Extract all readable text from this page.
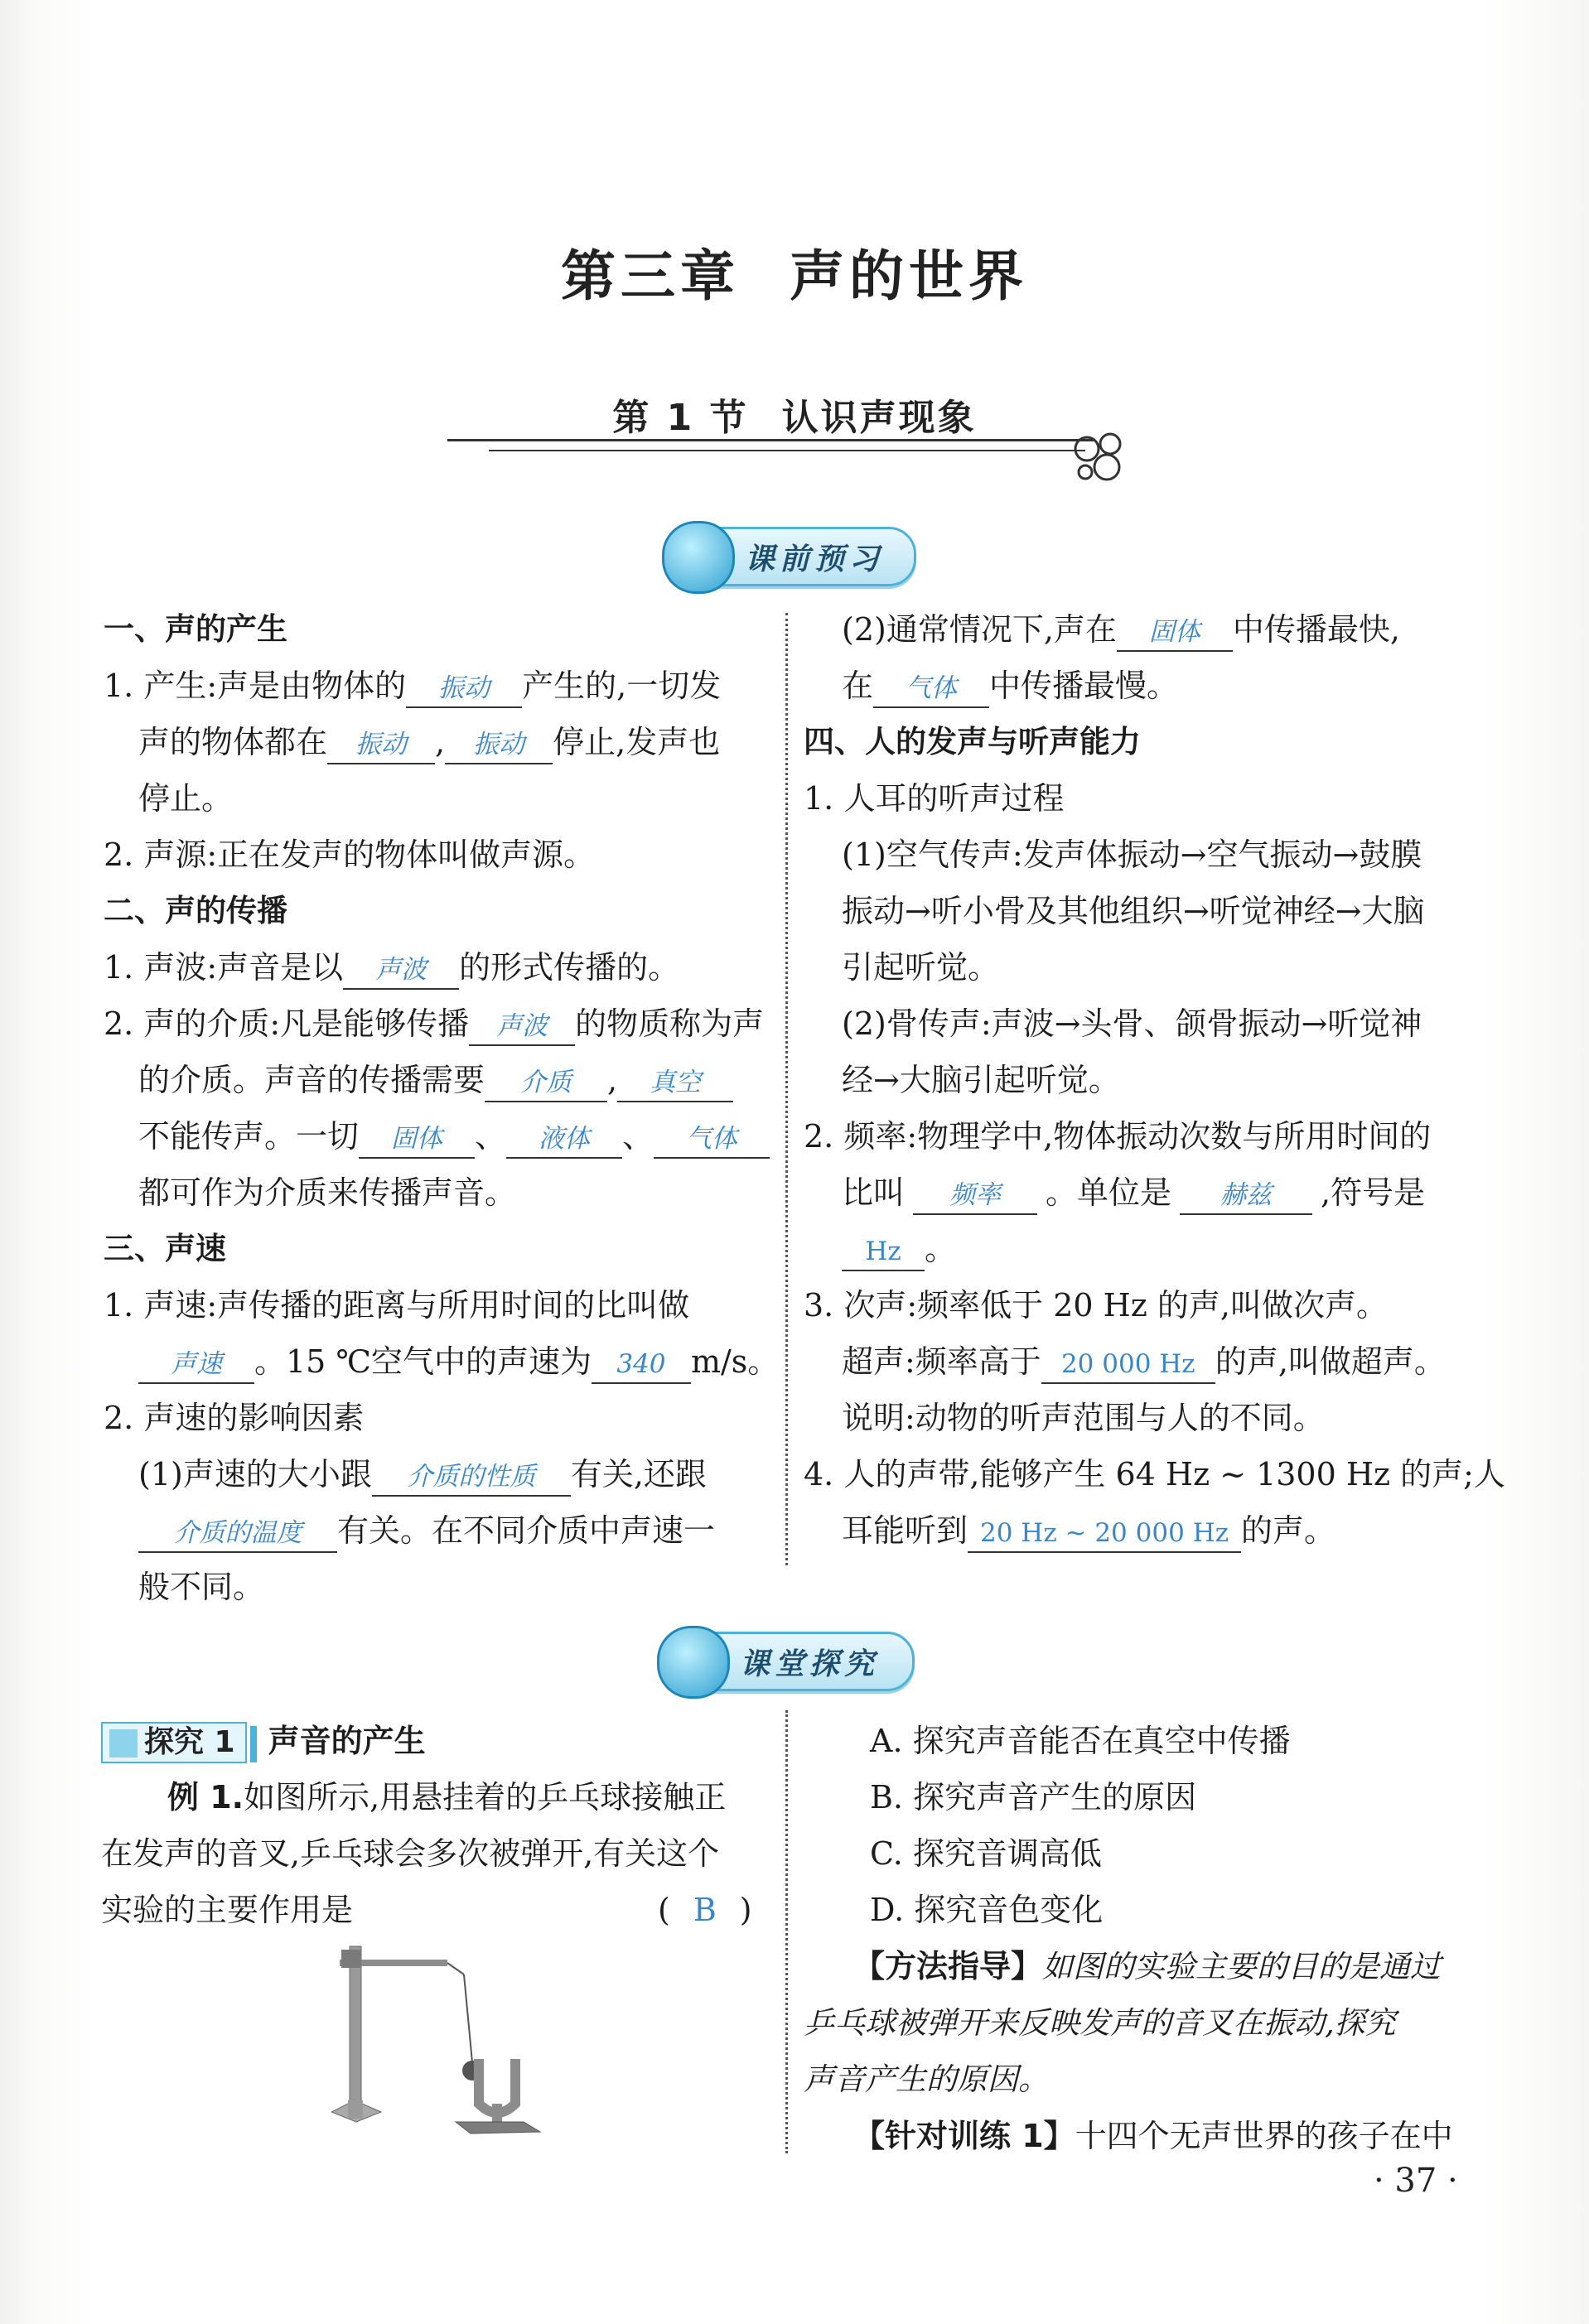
第三章 声的世界
第 1 节 认识声现象
课前预习
一、声的产生
1. 产生:声是由物体的 振动 产生的,一切发
声的物体都在 振动 , 振动 停止,发声也
停止。
2. 声源:正在发声的物体叫做声源。
二、声的传播
1. 声波:声音是以 声波 的形式传播的。
2. 声的介质:凡是能够传播 声波 的物质称为声
的介质。声音的传播需要 介质 , 真空
不能传声。一切 固体 、 液体 、 气体
都可作为介质来传播声音。
三、声速
1. 声速:声传播的距离与所用时间的比叫做
声速 。15 ℃空气中的声速为 340 m/s。
2. 声速的影响因素
(1)声速的大小跟 介质的性质 有关,还跟
介质的温度 有关。在不同介质中声速一
般不同。
(2)通常情况下,声在 固体 中传播最快,
在 气体 中传播最慢。
四、人的发声与听声能力
1. 人耳的听声过程
(1)空气传声:发声体振动→空气振动→鼓膜
振动→听小骨及其他组织→听觉神经→大脑
引起听觉。
(2)骨传声:声波→头骨、颌骨振动→听觉神
经→大脑引起听觉。
2. 频率:物理学中,物体振动次数与所用时间的
比叫 频率 。单位是 赫兹 ,符号是
Hz 。
3. 次声:频率低于 20 Hz 的声,叫做次声。
超声:频率高于 20 000 Hz 的声,叫做超声。
说明:动物的听声范围与人的不同。
4. 人的声带,能够产生 64 Hz ~ 1300 Hz 的声;人
耳能听到 20 Hz ~ 20 000 Hz 的声。
课堂探究
探究 1 声音的产生
例 1.如图所示,用悬挂着的乒乓球接触正
在发声的音叉,乒乓球会多次被弹开,有关这个
实验的主要作用是	( B )
A. 探究声音能否在真空中传播
B. 探究声音产生的原因
C. 探究音调高低
D. 探究音色变化
【方法指导】如图的实验主要的目的是通过
乒乓球被弹开来反映发声的音叉在振动,探究
声音产生的原因。
【针对训练 1】十四个无声世界的孩子在中
· 37 ·
